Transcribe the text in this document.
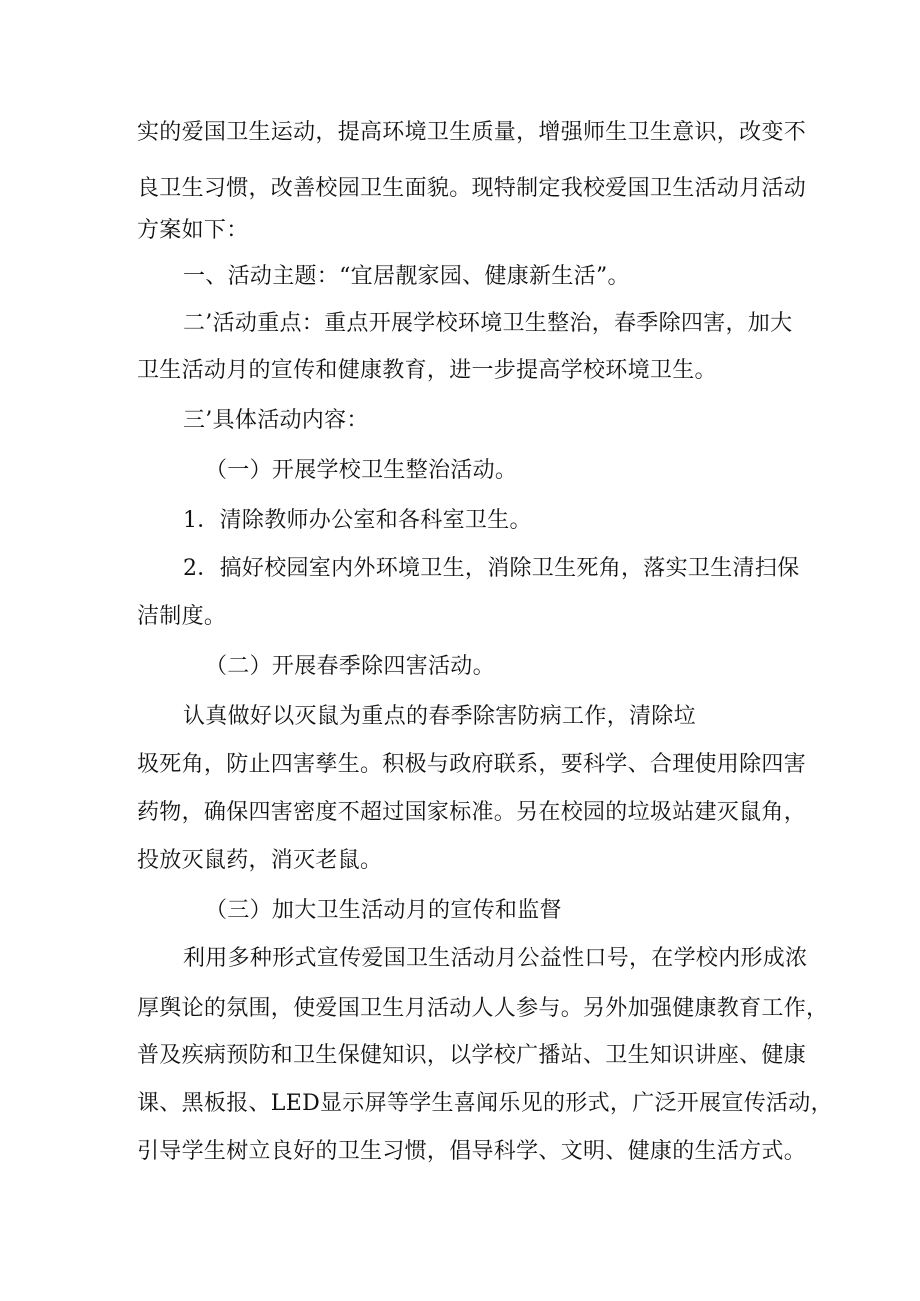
实的爱国卫生运动，提高环境卫生质量，增强师生卫生意识，改变不
良卫生习惯，改善校园卫生面貌。现特制定我校爱国卫生活动月活动
方案如下：
一、活动主题：“宜居靓家园、健康新生活”。
二’活动重点：重点开展学校环境卫生整治，春季除四害，加大
卫生活动月的宣传和健康教育，进一步提高学校环境卫生。
三’具体活动内容：
（一）开展学校卫生整治活动。
1．清除教师办公室和各科室卫生。
2．搞好校园室内外环境卫生，消除卫生死角，落实卫生清扫保
洁制度。
（二）开展春季除四害活动。
认真做好以灭鼠为重点的春季除害防病工作，清除垃
圾死角，防止四害孳生。积极与政府联系，要科学、合理使用除四害
药物，确保四害密度不超过国家标准。另在校园的垃圾站建灭鼠角，
投放灭鼠药，消灭老鼠。
（三）加大卫生活动月的宣传和监督
利用多种形式宣传爱国卫生活动月公益性口号，在学校内形成浓
厚舆论的氛围，使爱国卫生月活动人人参与。另外加强健康教育工作，
普及疾病预防和卫生保健知识，以学校广播站、卫生知识讲座、健康
课、黑板报、LED显示屏等学生喜闻乐见的形式，广泛开展宣传活动，
引导学生树立良好的卫生习惯，倡导科学、文明、健康的生活方式。
